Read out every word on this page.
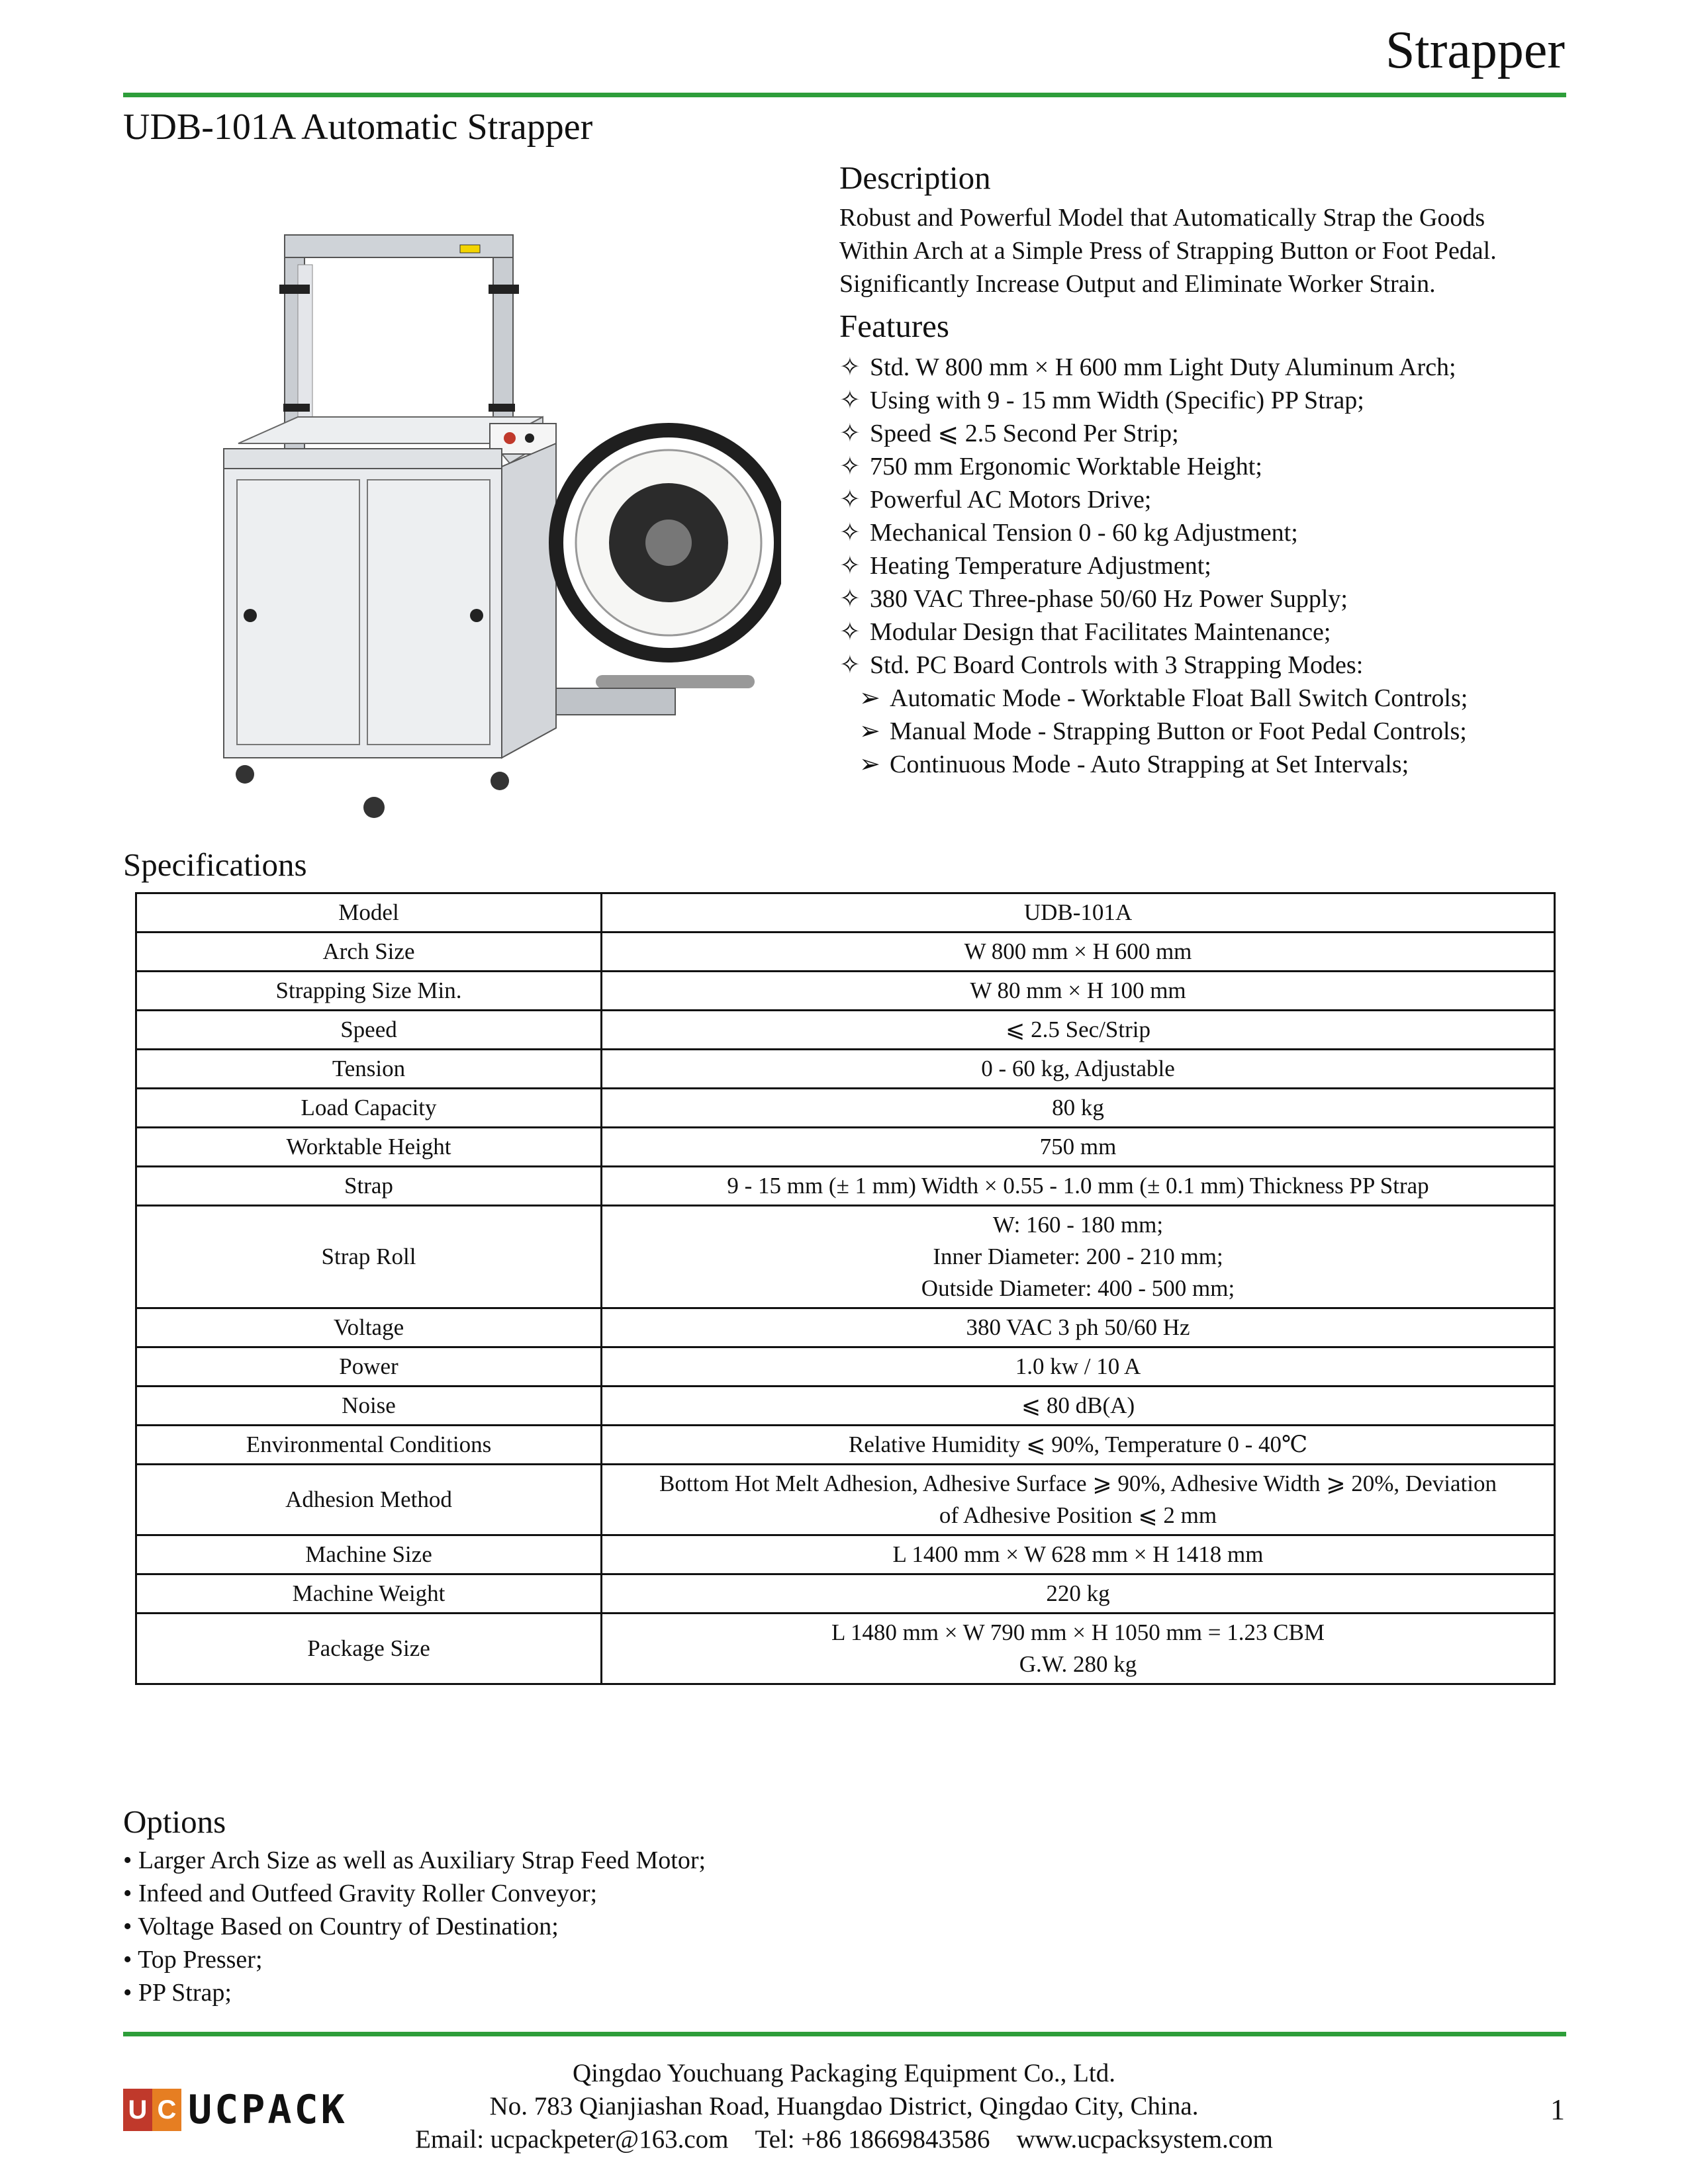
Strapper
UDB-101A Automatic Strapper
Description
Robust and Powerful Model that Automatically Strap the Goods
Within Arch at a Simple Press of Strapping Button or Foot Pedal.
Significantly Increase Output and Eliminate Worker Strain.
Features
✧ Std. W 800 mm × H 600 mm Light Duty Aluminum Arch;
✧ Using with 9 - 15 mm Width (Specific) PP Strap;
✧ Speed ⩽ 2.5 Second Per Strip;
✧ 750 mm Ergonomic Worktable Height;
✧ Powerful AC Motors Drive;
✧ Mechanical Tension 0 - 60 kg Adjustment;
✧ Heating Temperature Adjustment;
✧ 380 VAC Three-phase 50/60 Hz Power Supply;
✧ Modular Design that Facilitates Maintenance;
✧ Std. PC Board Controls with 3 Strapping Modes:
➢ Automatic Mode - Worktable Float Ball Switch Controls;
➢ Manual Mode - Strapping Button or Foot Pedal Controls;
➢ Continuous Mode - Auto Strapping at Set Intervals;
Specifications
Model	UDB-101A

Arch Size	W 800 mm × H 600 mm

Strapping Size Min.	W 80 mm × H 100 mm

Speed	⩽ 2.5 Sec/Strip

Tension	0 - 60 kg, Adjustable

Load Capacity	80 kg

Worktable Height	750 mm

Strap	9 - 15 mm (± 1 mm) Width × 0.55 - 1.0 mm (± 0.1 mm) Thickness PP Strap

Strap Roll	W: 160 - 180 mm;
Inner Diameter: 200 - 210 mm;
Outside Diameter: 400 - 500 mm;

Voltage	380 VAC 3 ph 50/60 Hz

Power	1.0 kw / 10 A

Noise	⩽ 80 dB(A)

Environmental Conditions	Relative Humidity ⩽ 90%, Temperature 0 - 40℃

Adhesion Method	Bottom Hot Melt Adhesion, Adhesive Surface ⩾ 90%, Adhesive Width ⩾ 20%, Deviation
of Adhesive Position ⩽ 2 mm

Machine Size	L 1400 mm × W 628 mm × H 1418 mm

Machine Weight	220 kg

Package Size	L 1480 mm × W 790 mm × H 1050 mm = 1.23 CBM
G.W. 280 kg
Options
• Larger Arch Size as well as Auxiliary Strap Feed Motor;
• Infeed and Outfeed Gravity Roller Conveyor;
• Voltage Based on Country of Destination;
• Top Presser;
• PP Strap;
U C UCPACK
Qingdao Youchuang Packaging Equipment Co., Ltd.
No. 783 Qianjiashan Road, Huangdao District, Qingdao City, China.
Email: ucpackpeter@163.com Tel: +86 18669843586 www.ucpacksystem.com
1
